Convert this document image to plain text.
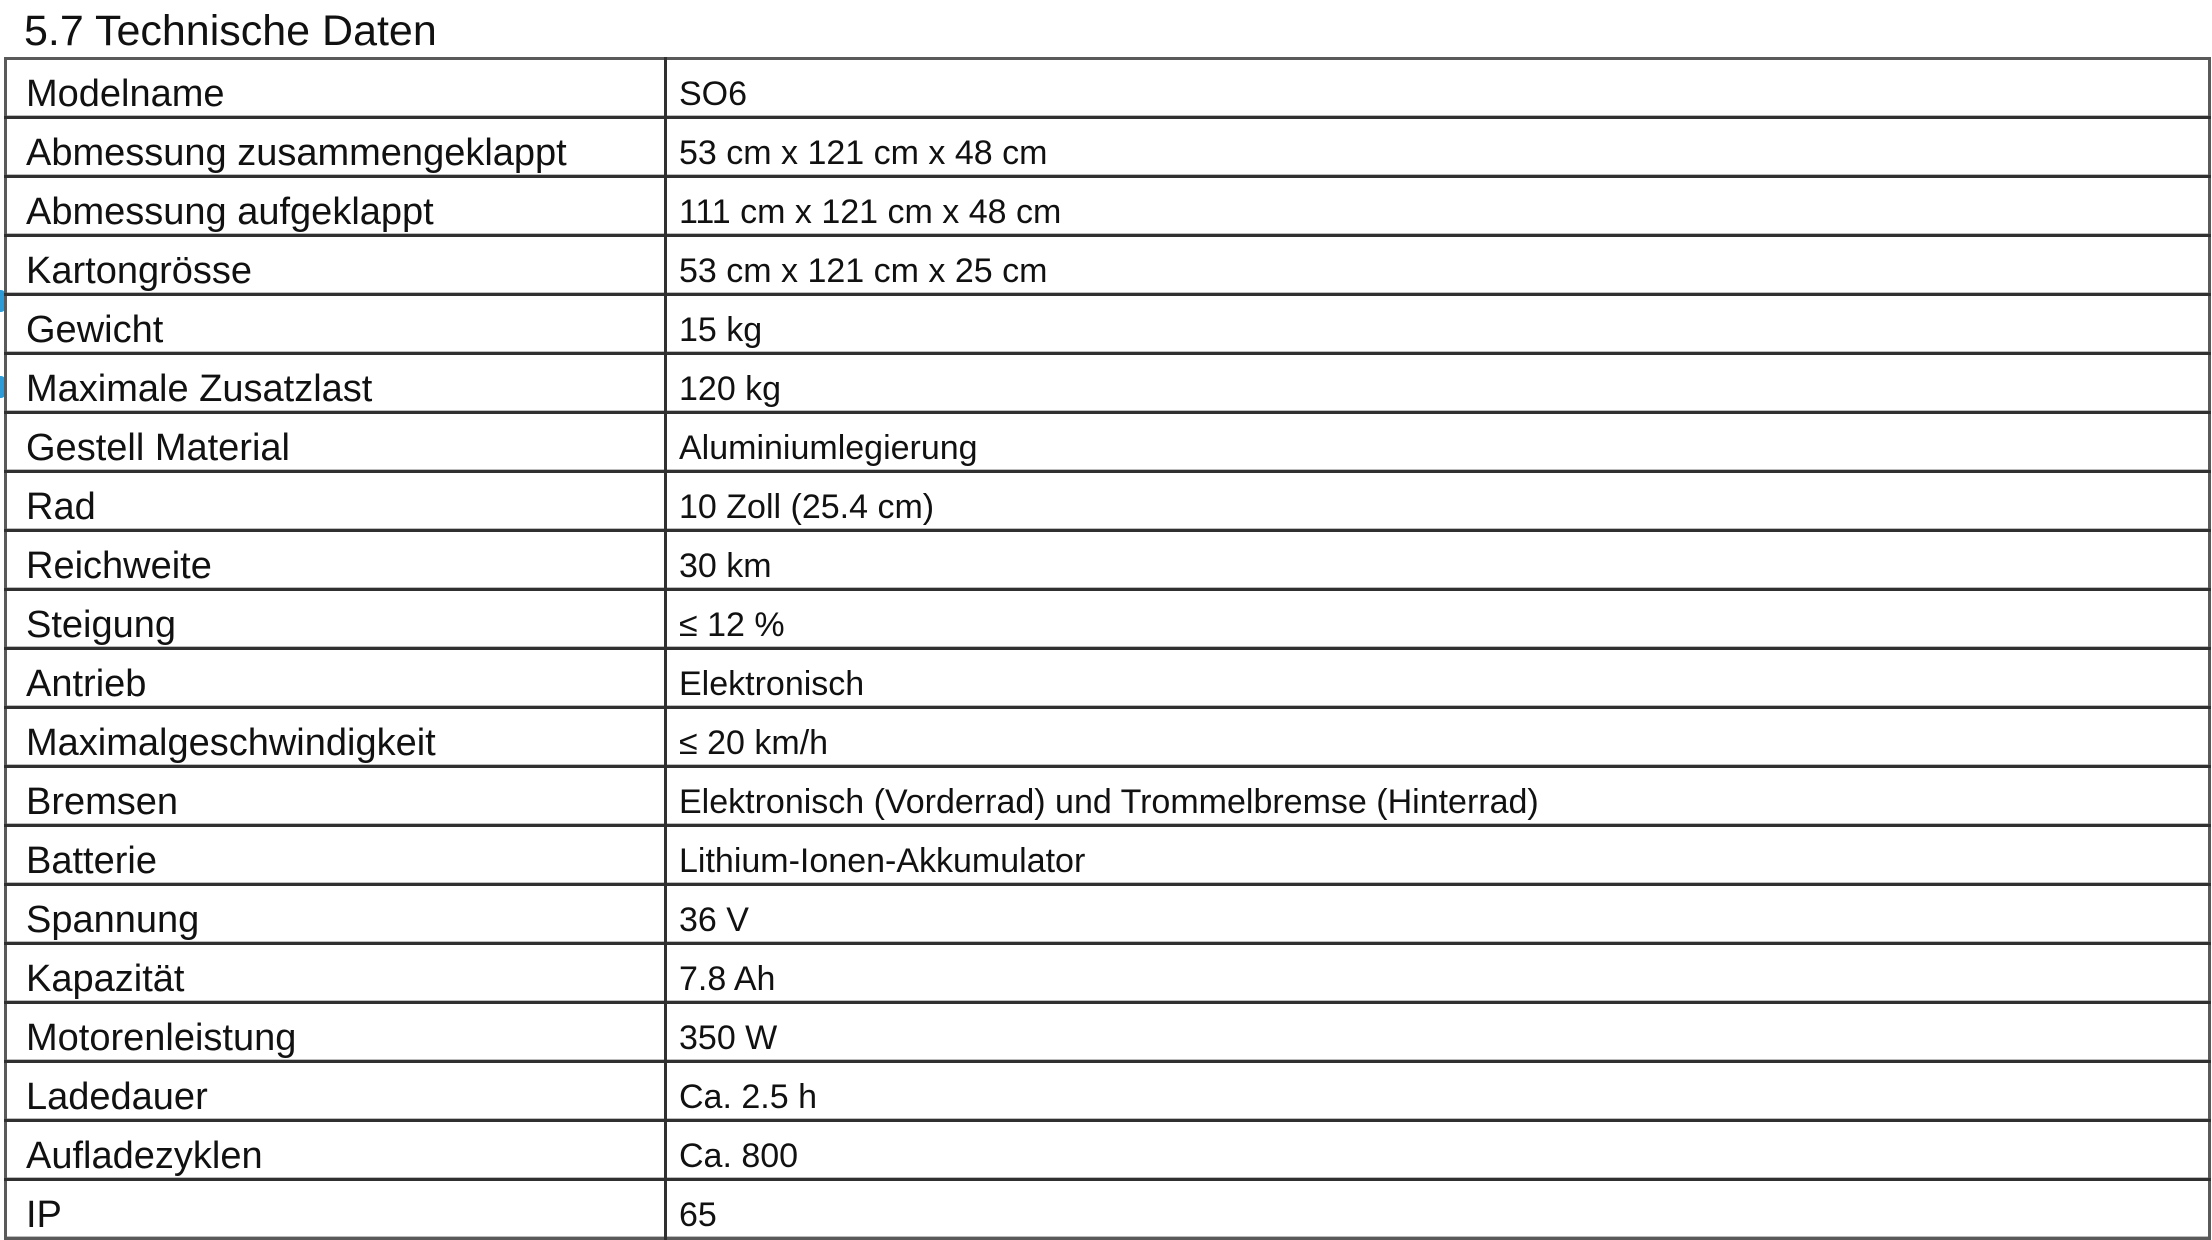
5.7 Technische Daten
Modelname	SO6
Abmessung zusammengeklappt	53 cm x 121 cm x 48 cm
Abmessung aufgeklappt	111 cm x 121 cm x 48 cm
Kartongrösse	53 cm x 121 cm x 25 cm
Gewicht	15 kg
Maximale Zusatzlast	120 kg
Gestell Material	Aluminiumlegierung
Rad	10 Zoll (25.4 cm)
Reichweite	30 km
Steigung	≤ 12 %
Antrieb	Elektronisch
Maximalgeschwindigkeit	≤ 20 km/h
Bremsen	Elektronisch (Vorderrad) und Trommelbremse (Hinterrad)
Batterie	Lithium-Ionen-Akkumulator
Spannung	36 V
Kapazität	7.8 Ah
Motorenleistung	350 W
Ladedauer	Ca. 2.5 h
Aufladezyklen	Ca. 800
IP	65
